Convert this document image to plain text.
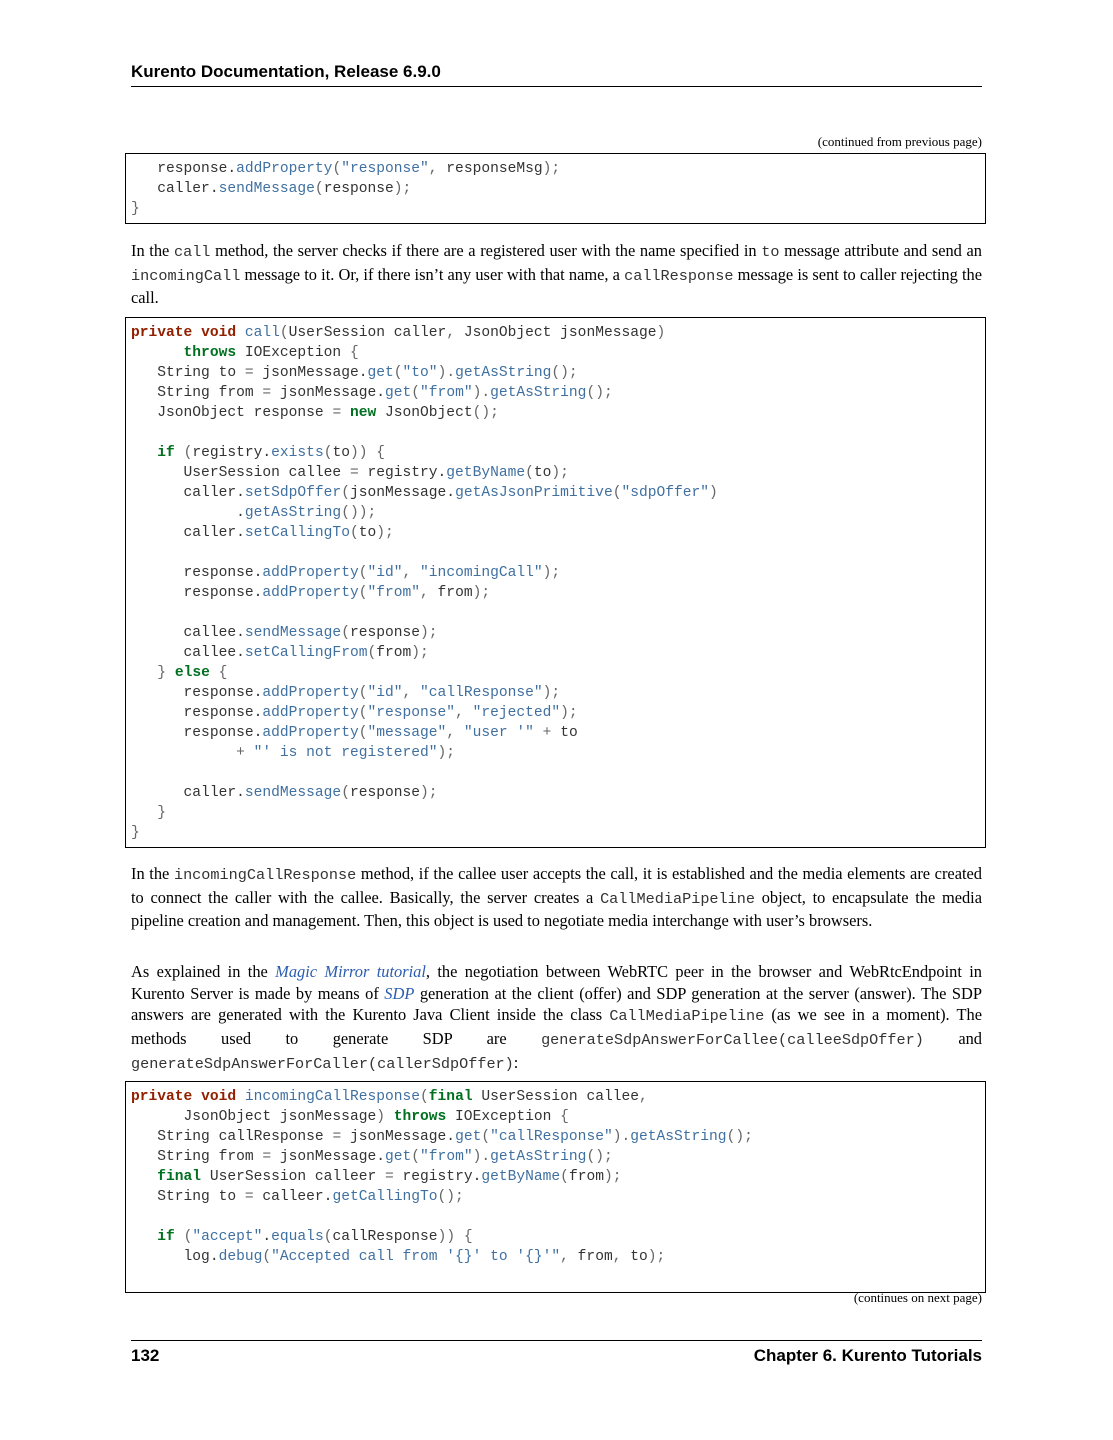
Kurento Documentation, Release 6.9.0
(continued from previous page)
response.addProperty("response", responseMsg);
caller.sendMessage(response);
}

In the call method, the server checks if there are a registered user with the name specified in to message attribute and send an incomingCall message to it. Or, if there isn’t any user with that name, a callResponse message is sent to caller rejecting the call.

private void call(UserSession caller, JsonObject jsonMessage)
throws IOException {
String to = jsonMessage.get("to").getAsString();
String from = jsonMessage.get("from").getAsString();
JsonObject response = new JsonObject();

if (registry.exists(to)) {
UserSession callee = registry.getByName(to);
caller.setSdpOffer(jsonMessage.getAsJsonPrimitive("sdpOffer")
.getAsString());
caller.setCallingTo(to);

response.addProperty("id", "incomingCall");
response.addProperty("from", from);

callee.sendMessage(response);
callee.setCallingFrom(from);
} else {
response.addProperty("id", "callResponse");
response.addProperty("response", "rejected");
response.addProperty("message", "user '" + to
+ "' is not registered");

caller.sendMessage(response);
}
}

In the incomingCallResponse method, if the callee user accepts the call, it is established and the media elements are created to connect the caller with the callee. Basically, the server creates a CallMediaPipeline object, to encapsulate the media pipeline creation and management. Then, this object is used to negotiate media interchange with user’s browsers.

As explained in the Magic Mirror tutorial, the negotiation between WebRTC peer in the browser and WebRtcEndpoint in Kurento Server is made by means of SDP generation at the client (offer) and SDP generation at the server (answer). The SDP answers are generated with the Kurento Java Client inside the class CallMediaPipeline (as we see in a moment). The methods used to generate SDP are generateSdpAnswerForCallee(calleeSdpOffer) and generateSdpAnswerForCaller(callerSdpOffer):

private void incomingCallResponse(final UserSession callee,
JsonObject jsonMessage) throws IOException {
String callResponse = jsonMessage.get("callResponse").getAsString();
String from = jsonMessage.get("from").getAsString();
final UserSession calleer = registry.getByName(from);
String to = calleer.getCallingTo();

if ("accept".equals(callResponse)) {
log.debug("Accepted call from '{}' to '{}'", from, to);

(continues on next page)
132	Chapter 6. Kurento Tutorials
